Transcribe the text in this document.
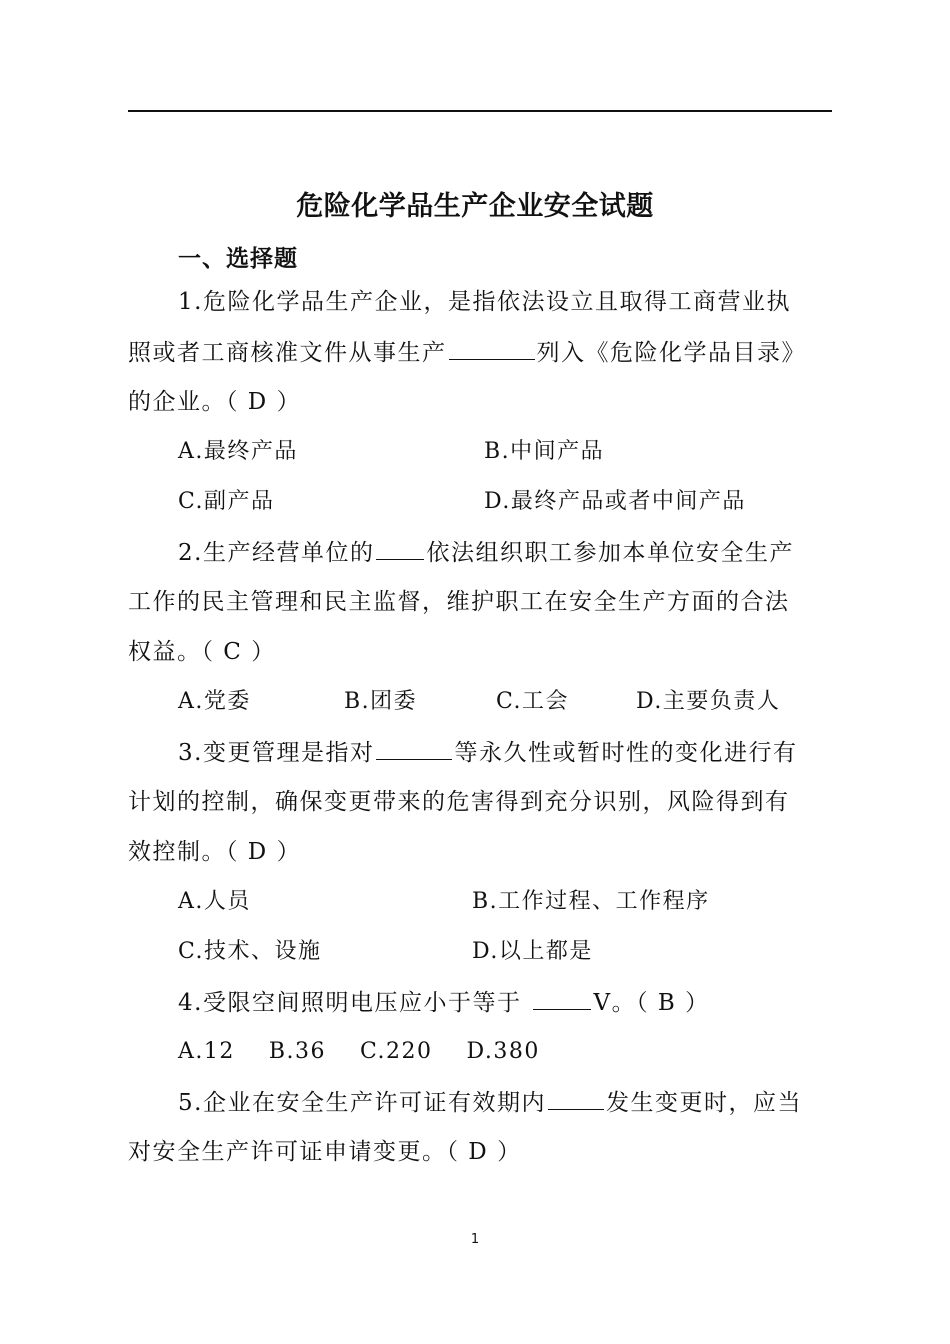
危险化学品生产企业安全试题
一、选择题
1.危险化学品生产企业，是指依法设立且取得工商营业执
照或者工商核准文件从事生产	列入《危险化学品目录》
的企业。（ D ）
A.最终产品	B.中间产品
C.副产品	D.最终产品或者中间产品
2.生产经营单位的 依法组织职工参加本单位安全生产
工作的民主管理和民主监督，维护职工在安全生产方面的合法
权益。（ C ）
A.党委	B.团委	C.工会	D.主要负责人
3.变更管理是指对	等永久性或暂时性的变化进行有
计划的控制，确保变更带来的危害得到充分识别，风险得到有
效控制。（ D ）
A.人员	B.工作过程、工作程序
C.技术、设施	D.以上都是
4.受限空间照明电压应小于等于	V。（ B ）
A.12    B.36    C.220    D.380
5.企业在安全生产许可证有效期内	发生变更时，应当
对安全生产许可证申请变更。（ D ）
1
